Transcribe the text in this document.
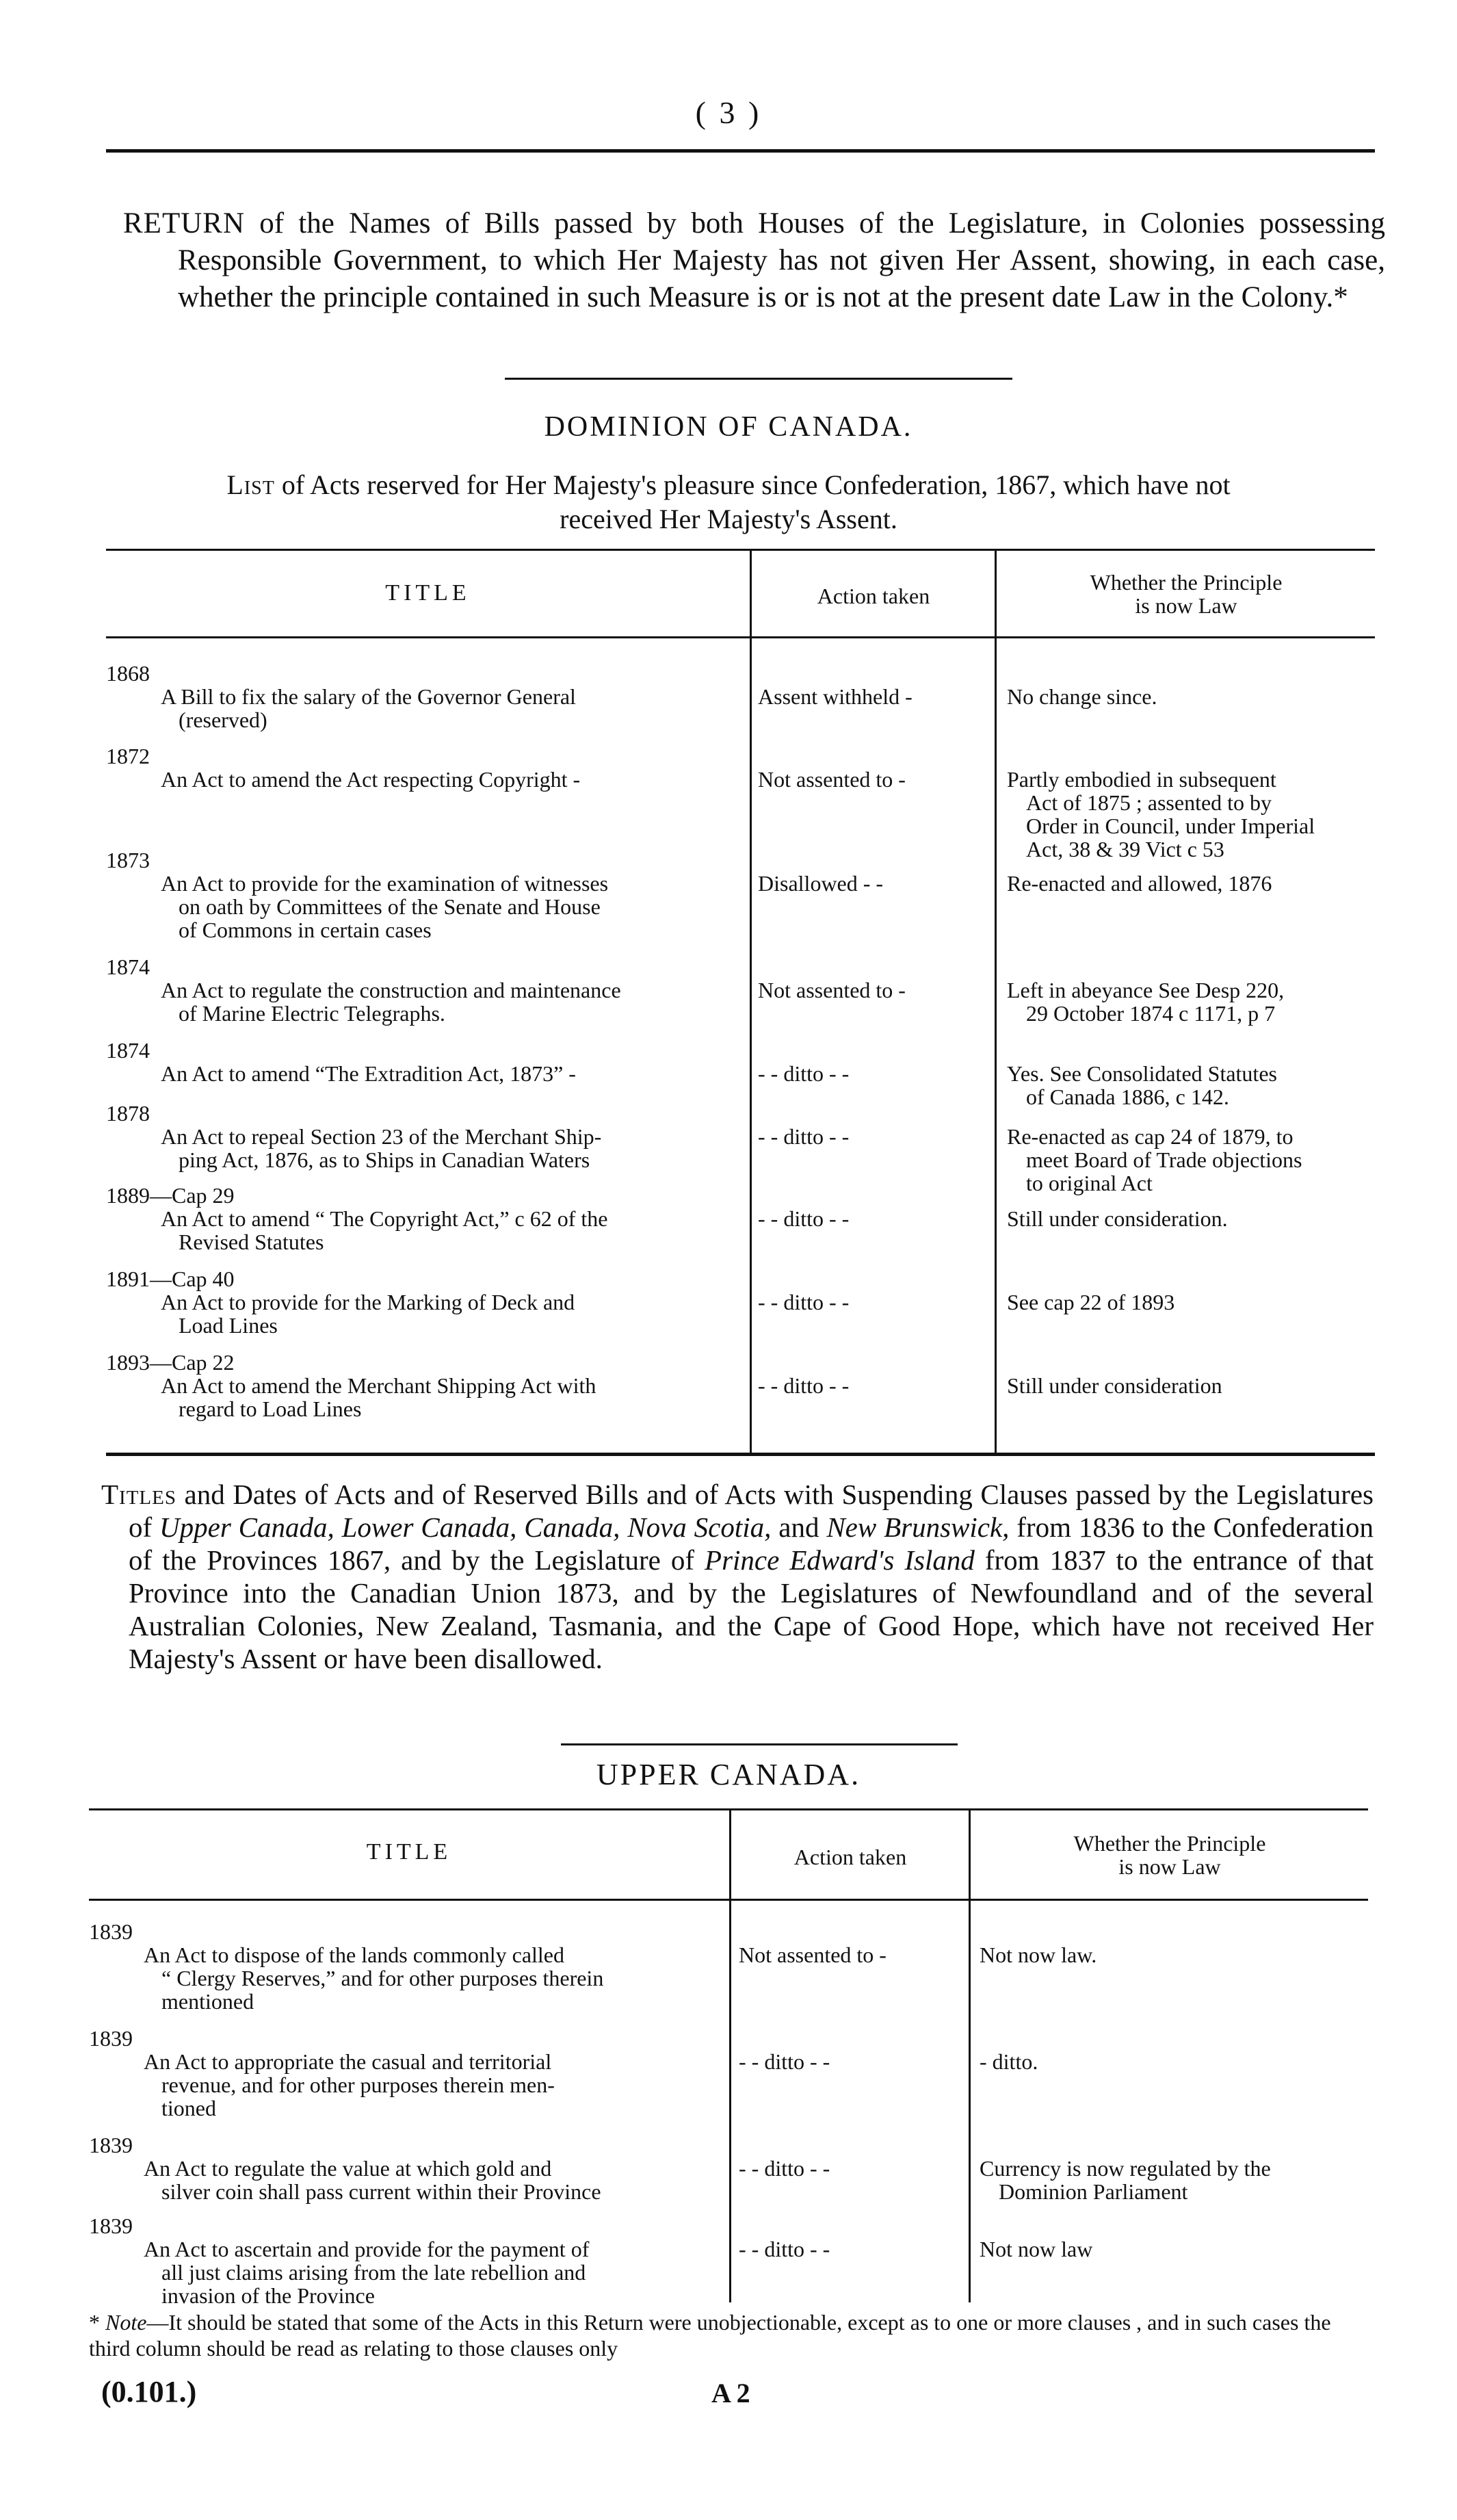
( 3 )
RETURN of the Names of Bills passed by both Houses of the Legislature, in Colonies possessing Responsible Government, to which Her Majesty has not given Her Assent, showing, in each case, whether the principle contained in such Measure is or is not at the present date Law in the Colony.*
DOMINION OF CANADA.
List of Acts reserved for Her Majesty's pleasure since Confederation, 1867, which have not received Her Majesty's Assent.
TITLE	Action taken
Whether the Principle
is now Law
1868
A Bill to fix the salary of the Governor General
(reserved)
Assent withheld -	No change since.
1872
An Act to amend the Act respecting Copyright -	Not assented to -	Partly embodied in subsequent
Act of 1875 ; assented to by
Order in Council, under Imperial
Act, 38 & 39 Vict c 53
1873
An Act to provide for the examination of witnesses
on oath by Committees of the Senate and House
of Commons in certain cases
Disallowed - -	Re-enacted and allowed, 1876
1874
An Act to regulate the construction and maintenance
of Marine Electric Telegraphs.
Not assented to -	Left in abeyance See Desp 220,
29 October 1874 c 1171, p 7
1874
An Act to amend “The Extradition Act, 1873” -	- - ditto - -	Yes. See Consolidated Statutes
of Canada 1886, c 142.
1878
An Act to repeal Section 23 of the Merchant Ship-
ping Act, 1876, as to Ships in Canadian Waters
- - ditto - -	Re-enacted as cap 24 of 1879, to
meet Board of Trade objections
to original Act
1889—Cap 29
An Act to amend “ The Copyright Act,” c 62 of the
Revised Statutes
- - ditto - -	Still under consideration.
1891—Cap 40
An Act to provide for the Marking of Deck and
Load Lines
- - ditto - -	See cap 22 of 1893
1893—Cap 22
An Act to amend the Merchant Shipping Act with
regard to Load Lines
- - ditto - -	Still under consideration
Titles and Dates of Acts and of Reserved Bills and of Acts with Suspending Clauses passed by the Legislatures of Upper Canada, Lower Canada, Canada, Nova Scotia, and New Brunswick, from 1836 to the Confederation of the Provinces 1867, and by the Legislature of Prince Edward's Island from 1837 to the entrance of that Province into the Canadian Union 1873, and by the Legislatures of Newfoundland and of the several Australian Colonies, New Zealand, Tasmania, and the Cape of Good Hope, which have not received Her Majesty's Assent or have been disallowed.
UPPER CANADA.
TITLE	Action taken
Whether the Principle
is now Law
1839
An Act to dispose of the lands commonly called
“ Clergy Reserves,” and for other purposes therein
mentioned
Not assented to -	Not now law.
1839
An Act to appropriate the casual and territorial
revenue, and for other purposes therein men-
tioned
- - ditto - -	- ditto.
1839
An Act to regulate the value at which gold and
silver coin shall pass current within their Province
- - ditto - -	Currency is now regulated by the
Dominion Parliament
1839
An Act to ascertain and provide for the payment of
all just claims arising from the late rebellion and
invasion of the Province
- - ditto - -	Not now law
* Note—It should be stated that some of the Acts in this Return were unobjectionable, except as to one or more clauses , and in such cases the third column should be read as relating to those clauses only
(0.101.)	A 2
